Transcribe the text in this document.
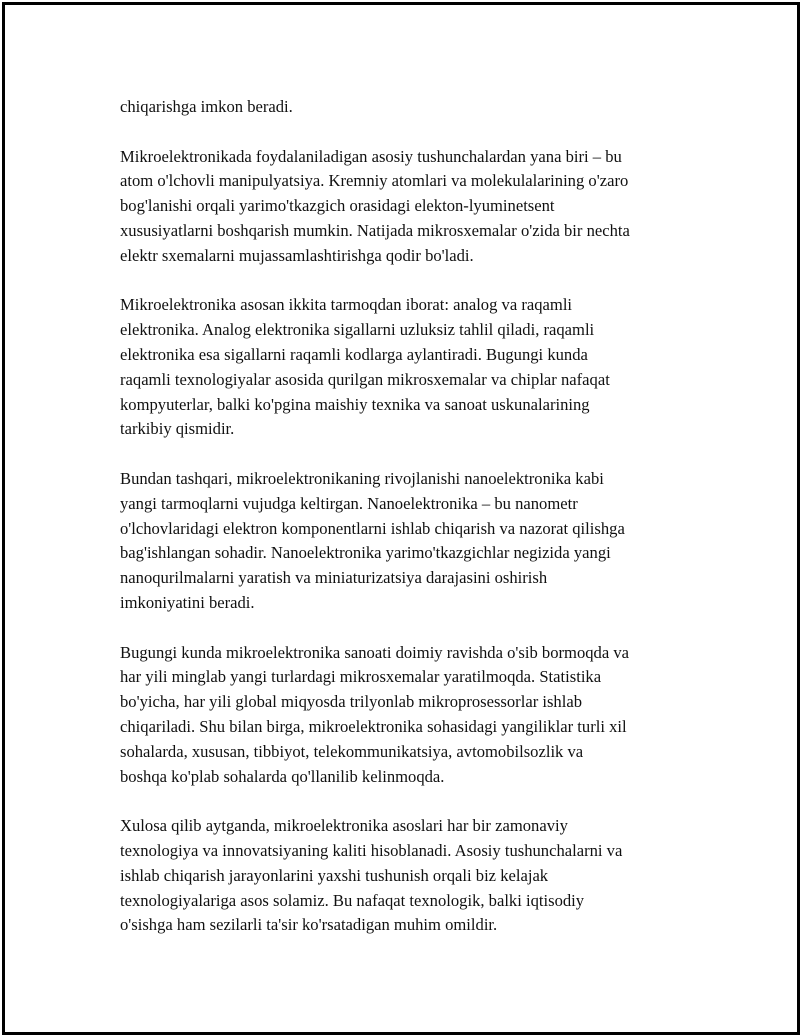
chiqarishga imkon beradi.

Mikroelektronikada foydalaniladigan asosiy tushunchalardan yana biri – bu
atom o'lchovli manipulyatsiya. Kremniy atomlari va molekulalarining o'zaro
bog'lanishi orqali yarimo'tkazgich orasidagi elekton-lyuminetsent
xususiyatlarni boshqarish mumkin. Natijada mikrosxemalar o'zida bir nechta
elektr sxemalarni mujassamlashtirishga qodir bo'ladi.

Mikroelektronika asosan ikkita tarmoqdan iborat: analog va raqamli
elektronika. Analog elektronika sigallarni uzluksiz tahlil qiladi, raqamli
elektronika esa sigallarni raqamli kodlarga aylantiradi. Bugungi kunda
raqamli texnologiyalar asosida qurilgan mikrosxemalar va chiplar nafaqat
kompyuterlar, balki ko'pgina maishiy texnika va sanoat uskunalarining
tarkibiy qismidir.

Bundan tashqari, mikroelektronikaning rivojlanishi nanoelektronika kabi
yangi tarmoqlarni vujudga keltirgan. Nanoelektronika – bu nanometr
o'lchovlaridagi elektron komponentlarni ishlab chiqarish va nazorat qilishga
bag'ishlangan sohadir. Nanoelektronika yarimo'tkazgichlar negizida yangi
nanoqurilmalarni yaratish va miniaturizatsiya darajasini oshirish
imkoniyatini beradi.

Bugungi kunda mikroelektronika sanoati doimiy ravishda o'sib bormoqda va
har yili minglab yangi turlardagi mikrosxemalar yaratilmoqda. Statistika
bo'yicha, har yili global miqyosda trilyonlab mikroprosessorlar ishlab
chiqariladi. Shu bilan birga, mikroelektronika sohasidagi yangiliklar turli xil
sohalarda, xususan, tibbiyot, telekommunikatsiya, avtomobilsozlik va
boshqa ko'plab sohalarda qo'llanilib kelinmoqda.

Xulosa qilib aytganda, mikroelektronika asoslari har bir zamonaviy
texnologiya va innovatsiyaning kaliti hisoblanadi. Asosiy tushunchalarni va
ishlab chiqarish jarayonlarini yaxshi tushunish orqali biz kelajak
texnologiyalariga asos solamiz. Bu nafaqat texnologik, balki iqtisodiy
o'sishga ham sezilarli ta'sir ko'rsatadigan muhim omildir.
